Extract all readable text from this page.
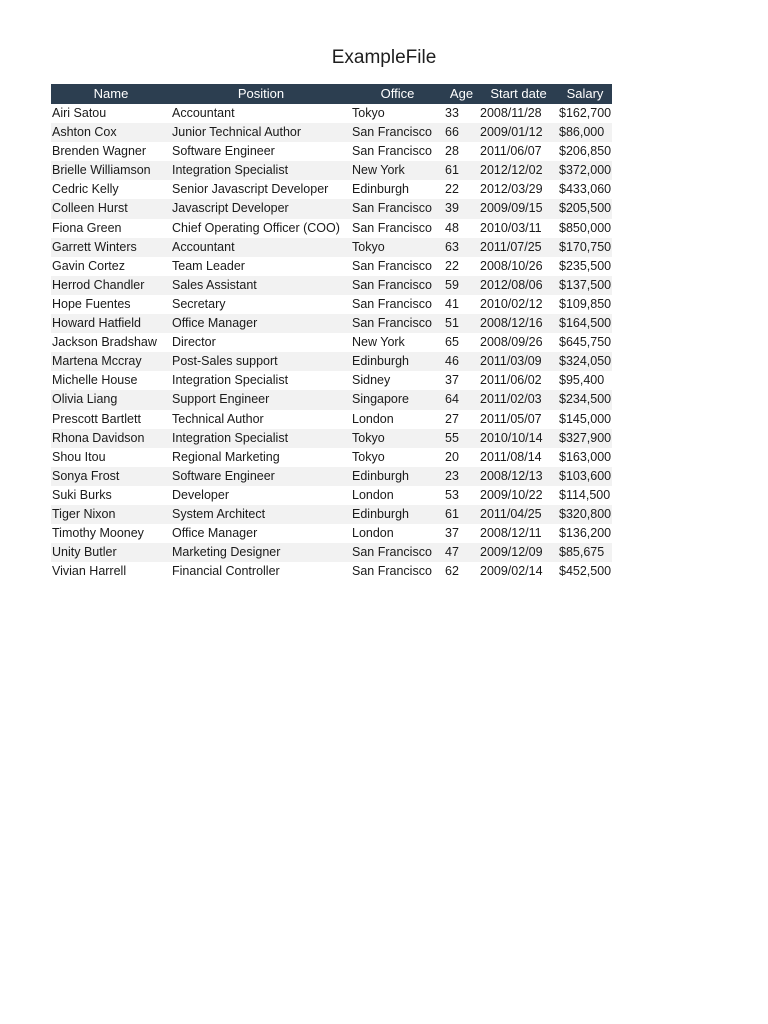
ExampleFile
Name	Position	Office	Age	Start date	Salary
Airi Satou	Accountant	Tokyo	33	2008/11/28	$162,700
Ashton Cox	Junior Technical Author	San Francisco	66	2009/01/12	$86,000
Brenden Wagner	Software Engineer	San Francisco	28	2011/06/07	$206,850
Brielle Williamson	Integration Specialist	New York	61	2012/12/02	$372,000
Cedric Kelly	Senior Javascript Developer	Edinburgh	22	2012/03/29	$433,060
Colleen Hurst	Javascript Developer	San Francisco	39	2009/09/15	$205,500
Fiona Green	Chief Operating Officer (COO)	San Francisco	48	2010/03/11	$850,000
Garrett Winters	Accountant	Tokyo	63	2011/07/25	$170,750
Gavin Cortez	Team Leader	San Francisco	22	2008/10/26	$235,500
Herrod Chandler	Sales Assistant	San Francisco	59	2012/08/06	$137,500
Hope Fuentes	Secretary	San Francisco	41	2010/02/12	$109,850
Howard Hatfield	Office Manager	San Francisco	51	2008/12/16	$164,500
Jackson Bradshaw	Director	New York	65	2008/09/26	$645,750
Martena Mccray	Post-Sales support	Edinburgh	46	2011/03/09	$324,050
Michelle House	Integration Specialist	Sidney	37	2011/06/02	$95,400
Olivia Liang	Support Engineer	Singapore	64	2011/02/03	$234,500
Prescott Bartlett	Technical Author	London	27	2011/05/07	$145,000
Rhona Davidson	Integration Specialist	Tokyo	55	2010/10/14	$327,900
Shou Itou	Regional Marketing	Tokyo	20	2011/08/14	$163,000
Sonya Frost	Software Engineer	Edinburgh	23	2008/12/13	$103,600
Suki Burks	Developer	London	53	2009/10/22	$114,500
Tiger Nixon	System Architect	Edinburgh	61	2011/04/25	$320,800
Timothy Mooney	Office Manager	London	37	2008/12/11	$136,200
Unity Butler	Marketing Designer	San Francisco	47	2009/12/09	$85,675
Vivian Harrell	Financial Controller	San Francisco	62	2009/02/14	$452,500
